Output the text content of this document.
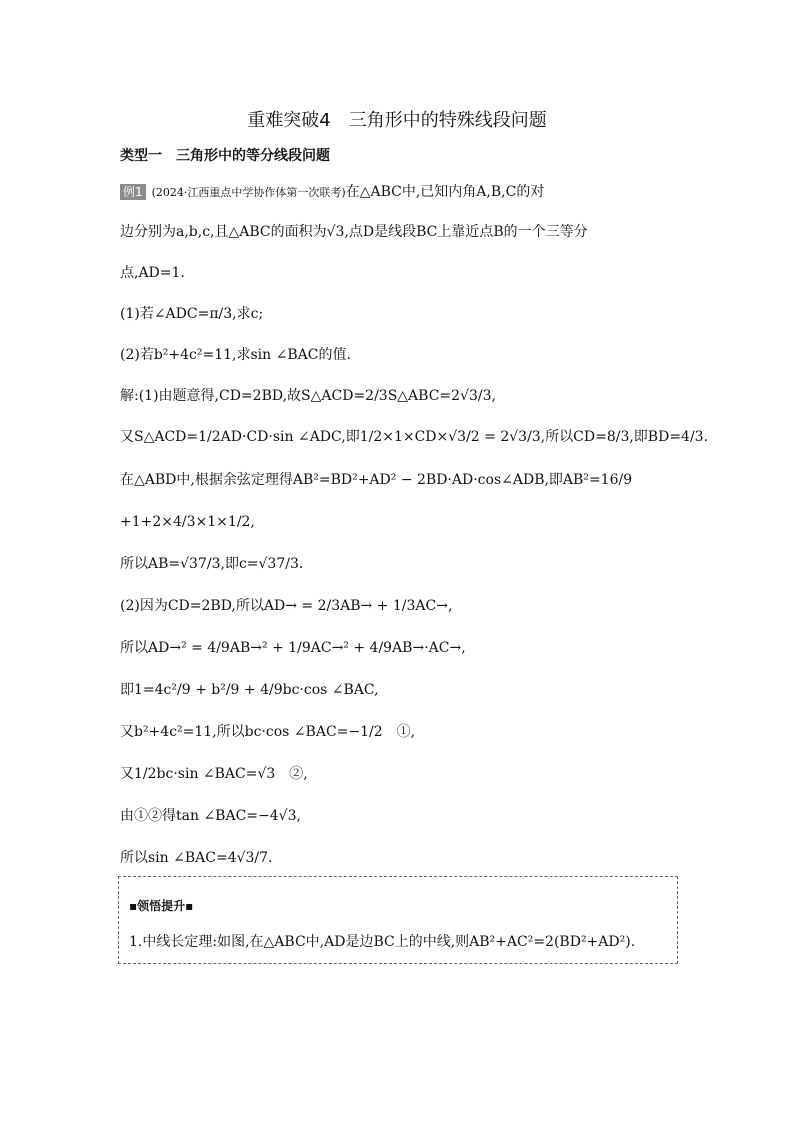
重难突破4　三角形中的特殊线段问题
类型一　三角形中的等分线段问题
例1 (2024·江西重点中学协作体第一次联考)在△ABC中,已知内角A,B,C的对
边分别为a,b,c,且△ABC的面积为√3,点D是线段BC上靠近点B的一个三等分
点,AD=1.
(1)若∠ADC=π/3,求c;
(2)若b²+4c²=11,求sin ∠BAC的值.
解:(1)由题意得,CD=2BD,故S△ACD=2/3S△ABC=2√3/3,
又S△ACD=1/2AD·CD·sin ∠ADC,即1/2×1×CD×√3/2 = 2√3/3,所以CD=8/3,即BD=4/3.
在△ABD中,根据余弦定理得AB²=BD²+AD² − 2BD·AD·cos∠ADB,即AB²=16/9
+1+2×4/3×1×1/2,
所以AB=√37/3,即c=√37/3.
(2)因为CD=2BD,所以AD→ = 2/3AB→ + 1/3AC→,
所以AD→² = 4/9AB→² + 1/9AC→² + 4/9AB→·AC→,
即1=4c²/9 + b²/9 + 4/9bc·cos ∠BAC,
又b²+4c²=11,所以bc·cos ∠BAC=−1/2　①,
又1/2bc·sin ∠BAC=√3　②,
由①②得tan ∠BAC=−4√3,
所以sin ∠BAC=4√3/7.
▪领悟提升▪
1.中线长定理:如图,在△ABC中,AD是边BC上的中线,则AB²+AC²=2(BD²+AD²).
